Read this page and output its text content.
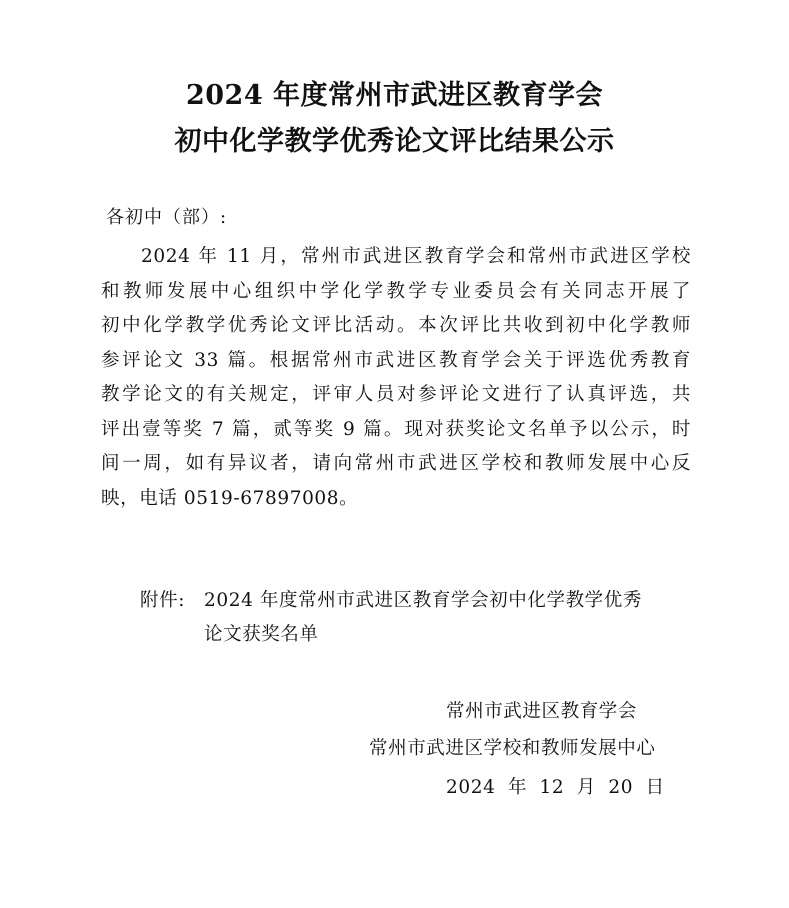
2024 年度常州市武进区教育学会
初中化学教学优秀论文评比结果公示
各初中（部）:
2024 年 11 月，常州市武进区教育学会和常州市武进区学校
和教师发展中心组织中学化学教学专业委员会有关同志开展了
初中化学教学优秀论文评比活动。本次评比共收到初中化学教师
参评论文 33 篇。根据常州市武进区教育学会关于评选优秀教育
教学论文的有关规定，评审人员对参评论文进行了认真评选，共
评出壹等奖 7 篇，贰等奖 9 篇。现对获奖论文名单予以公示，时
间一周，如有异议者，请向常州市武进区学校和教师发展中心反
映，电话 0519-67897008。
附件:	2024 年度常州市武进区教育学会初中化学教学优秀
论文获奖名单
常州市武进区教育学会
常州市武进区学校和教师发展中心
2024 年 12 月 20 日
